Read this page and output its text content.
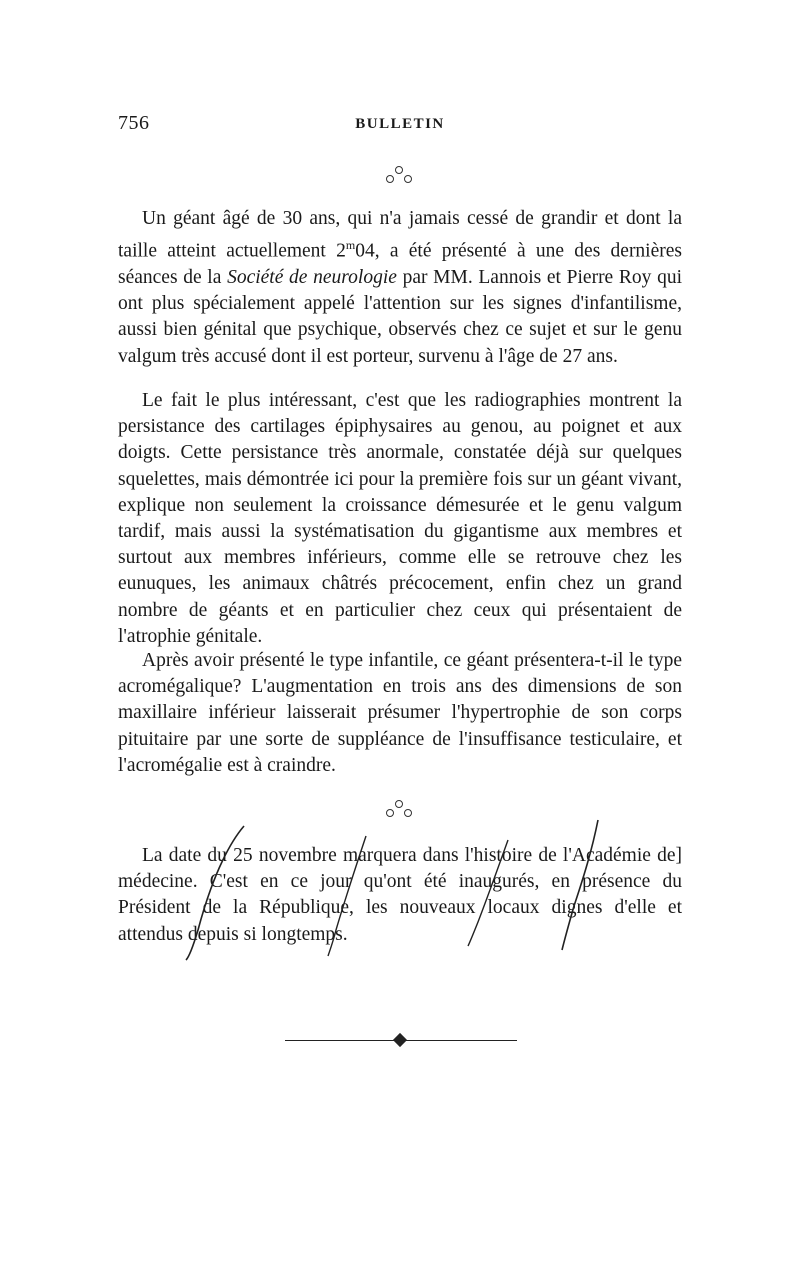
756	BULLETIN

Un géant âgé de 30 ans, qui n'a jamais cessé de grandir et dont la taille atteint actuellement 2$^m$04, a été présenté à une des dernières séances de la Société de neurologie par MM. Lannois et Pierre Roy qui ont plus spécialement appelé l'attention sur les signes d'infantilisme, aussi bien génital que psychique, observés chez ce sujet et sur le genu valgum très accusé dont il est porteur, survenu à l'âge de 27 ans.

Le fait le plus intéressant, c'est que les radiographies montrent la persistance des cartilages épiphysaires au genou, au poignet et aux doigts. Cette persistance très anormale, constatée déjà sur quelques squelettes, mais démontrée ici pour la première fois sur un géant vivant, explique non seulement la croissance démesurée et le genu valgum tardif, mais aussi la systématisation du gigantisme aux membres et surtout aux membres inférieurs, comme elle se retrouve chez les eunuques, les animaux châtrés précocement, enfin chez un grand nombre de géants et en particulier chez ceux qui présentaient de l'atrophie génitale.

Après avoir présenté le type infantile, ce géant présentera-t-il le type acromégalique? L'augmentation en trois ans des dimensions de son maxillaire inférieur laisserait présumer l'hypertrophie de son corps pituitaire par une sorte de suppléance de l'insuffisance testiculaire, et l'acromégalie est à craindre.

La date du 25 novembre marquera dans l'histoire de l'Académie de] médecine. C'est en ce jour qu'ont été inaugurés, en présence du Président de la République, les nouveaux locaux dignes d'elle et attendus depuis si longtemps.
